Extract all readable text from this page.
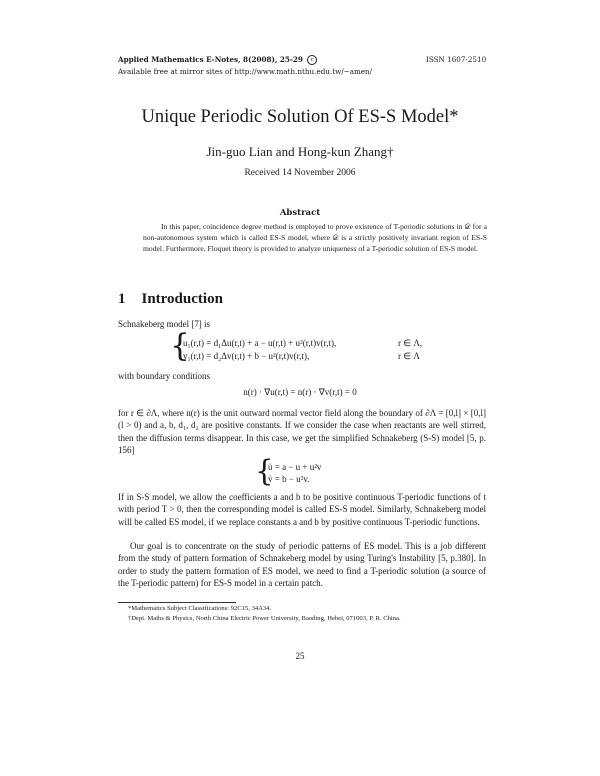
Applied Mathematics E-Notes, 8(2008), 25-29 c	ISSN 1607-2510
Available free at mirror sites of http://www.math.nthu.edu.tw/~amen/
Unique Periodic Solution Of ES-S Model*
Jin-guo Lian and Hong-kun Zhang†
Received 14 November 2006
Abstract
In this paper, coincidence degree method is employed to prove existence of T-periodic solutions in 𝒟 for a non-autonomous system which is called ES-S model, where 𝒟 is a strictly positively invariant region of ES-S model. Furthermore, Floquet theory is provided to analyze uniqueness of a T-periodic solution of ES-S model.
1 Introduction
Schnakeberg model [7] is
{
u₁(r,t) = d₁Δu(r,t) + a − u(r,t) + u²(r,t)v(r,t),	r ∈ Λ,
v₁(r,t) = d₂Δv(r,t) + b − u²(r,t)v(r,t),	r ∈ Λ
with boundary conditions
n(r) · ∇u(r,t) = n(r) · ∇v(r,t) = 0
for r ∈ ∂Λ, where n(r) is the unit outward normal vector field along the boundary of ∂Λ = [0,l] × [0,l] (l > 0) and a, b, d₁, d₂ are positive constants. If we consider the case when reactants are well stirred, then the diffusion terms disappear. In this case, we get the simplified Schnakeberg (S-S) model [5, p. 156]
{
u̇ = a − u + u²v
v̇ = b − u²v.
If in S-S model, we allow the coefficients a and b to be positive continuous T-periodic functions of t with period T > 0, then the corresponding model is called ES-S model. Similarly, Schnakeberg model will be called ES model, if we replace constants a and b by positive continuous T-periodic functions.
Our goal is to concentrate on the study of periodic patterns of ES model. This is a job different from the study of pattern formation of Schnakeberg model by using Turing's Instability [5, p.380]. In order to study the pattern formation of ES model, we need to find a T-periodic solution (a source of the T-periodic pattern) for ES-S model in a certain patch.
*Mathematics Subject Classifications: 92C15, 34A34.
†Dept. Maths & Physics, North China Electric Power University, Baoding, Hebei, 071003, P. R. China.
25
